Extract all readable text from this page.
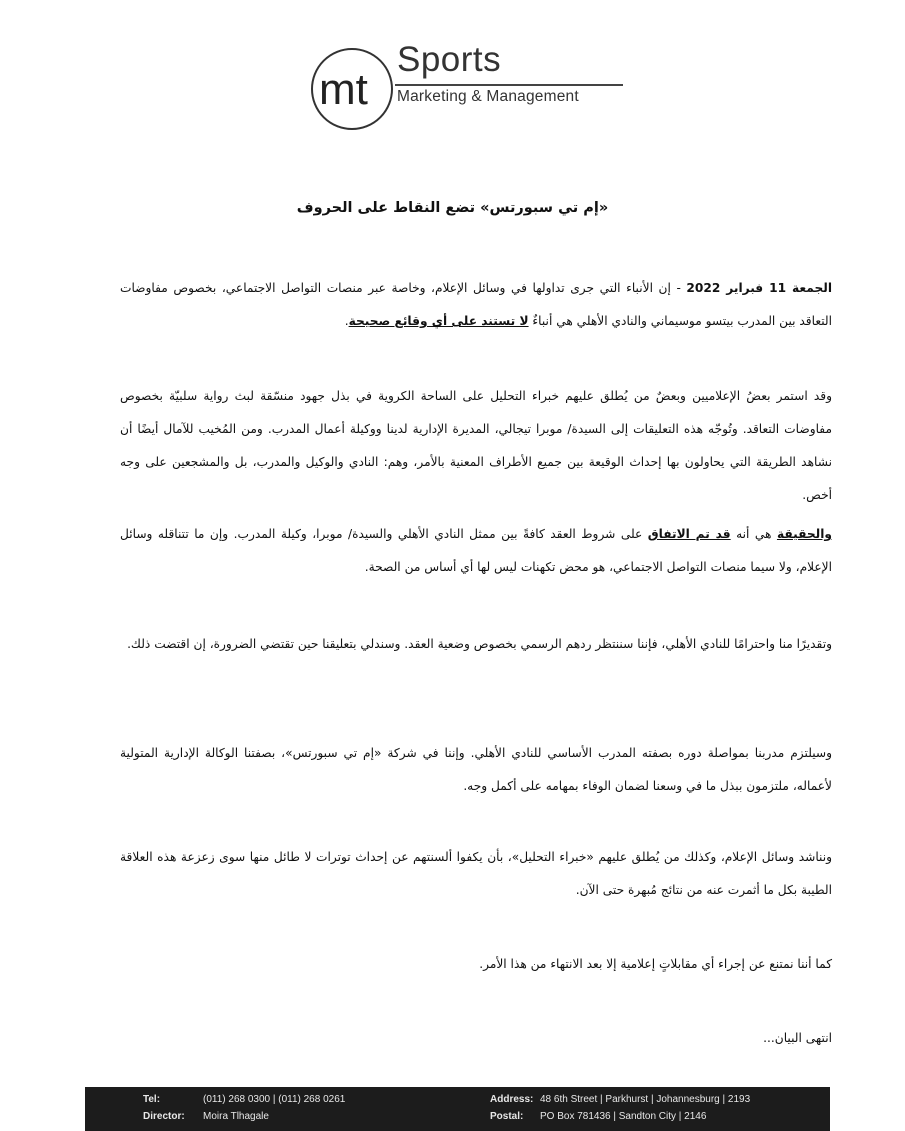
mt
Sports
Marketing & Management
«إم تي سبورتس» تضع النقاط على الحروف

الجمعة 11 فبراير 2022 - إن الأنباء التي جرى تداولها في وسائل الإعلام، وخاصة عبر منصات التواصل الاجتماعي، بخصوص مفاوضات التعاقد بين المدرب بيتسو موسيماني والنادي الأهلي هي أنباءٌ لا تستند على أي وقائع صحيحة.

وقد استمر بعضُ الإعلاميين وبعضٌ من يُطلق عليهم خبراء التحليل على الساحة الكروية في بذل جهود منسّقة لبث رواية سلبيّة بخصوص مفاوضات التعاقد. وتُوجّه هذه التعليقات إلى السيدة/ موبرا تيجالي، المديرة الإدارية لدينا ووكيلة أعمال المدرب. ومن المُخيب للآمال أيضًا أن نشاهد الطريقة التي يحاولون بها إحداث الوقيعة بين جميع الأطراف المعنية بالأمر، وهم: النادي والوكيل والمدرب، بل والمشجعين على وجه أخص.

والحقيقة هي أنه قد تم الاتفاق على شروط العقد كافةً بين ممثل النادي الأهلي والسيدة/ موبرا، وكيلة المدرب. وإن ما تتناقله وسائل الإعلام، ولا سيما منصات التواصل الاجتماعي، هو محض تكهنات ليس لها أي أساس من الصحة.

وتقديرًا منا واحترامًا للنادي الأهلي، فإننا سننتظر ردهم الرسمي بخصوص وضعية العقد. وسندلي بتعليقنا حين تقتضي الضرورة، إن اقتضت ذلك.

وسيلتزم مدربنا بمواصلة دوره بصفته المدرب الأساسي للنادي الأهلي. وإننا في شركة «إم تي سبورتس»، بصفتنا الوكالة الإدارية المتولية لأعماله، ملتزمون ببذل ما في وسعنا لضمان الوفاء بمهامه على أكمل وجه.

ونناشد وسائل الإعلام، وكذلك من يُطلق عليهم «خبراء التحليل»، بأن يكفوا ألسنتهم عن إحداث توترات لا طائل منها سوى زعزعة هذه العلاقة الطيبة بكل ما أثمرت عنه من نتائج مُبهرة حتى الآن.

كما أننا نمتنع عن إجراء أي مقابلاتٍ إعلامية إلا بعد الانتهاء من هذا الأمر.

انتهى البيان...

Tel:	(011) 268 0300 | (011) 268 0261
Director: Moira Tlhagale
Address: 48 6th Street | Parkhurst | Johannesburg | 2193
Postal: PO Box 781436 | Sandton City | 2146
